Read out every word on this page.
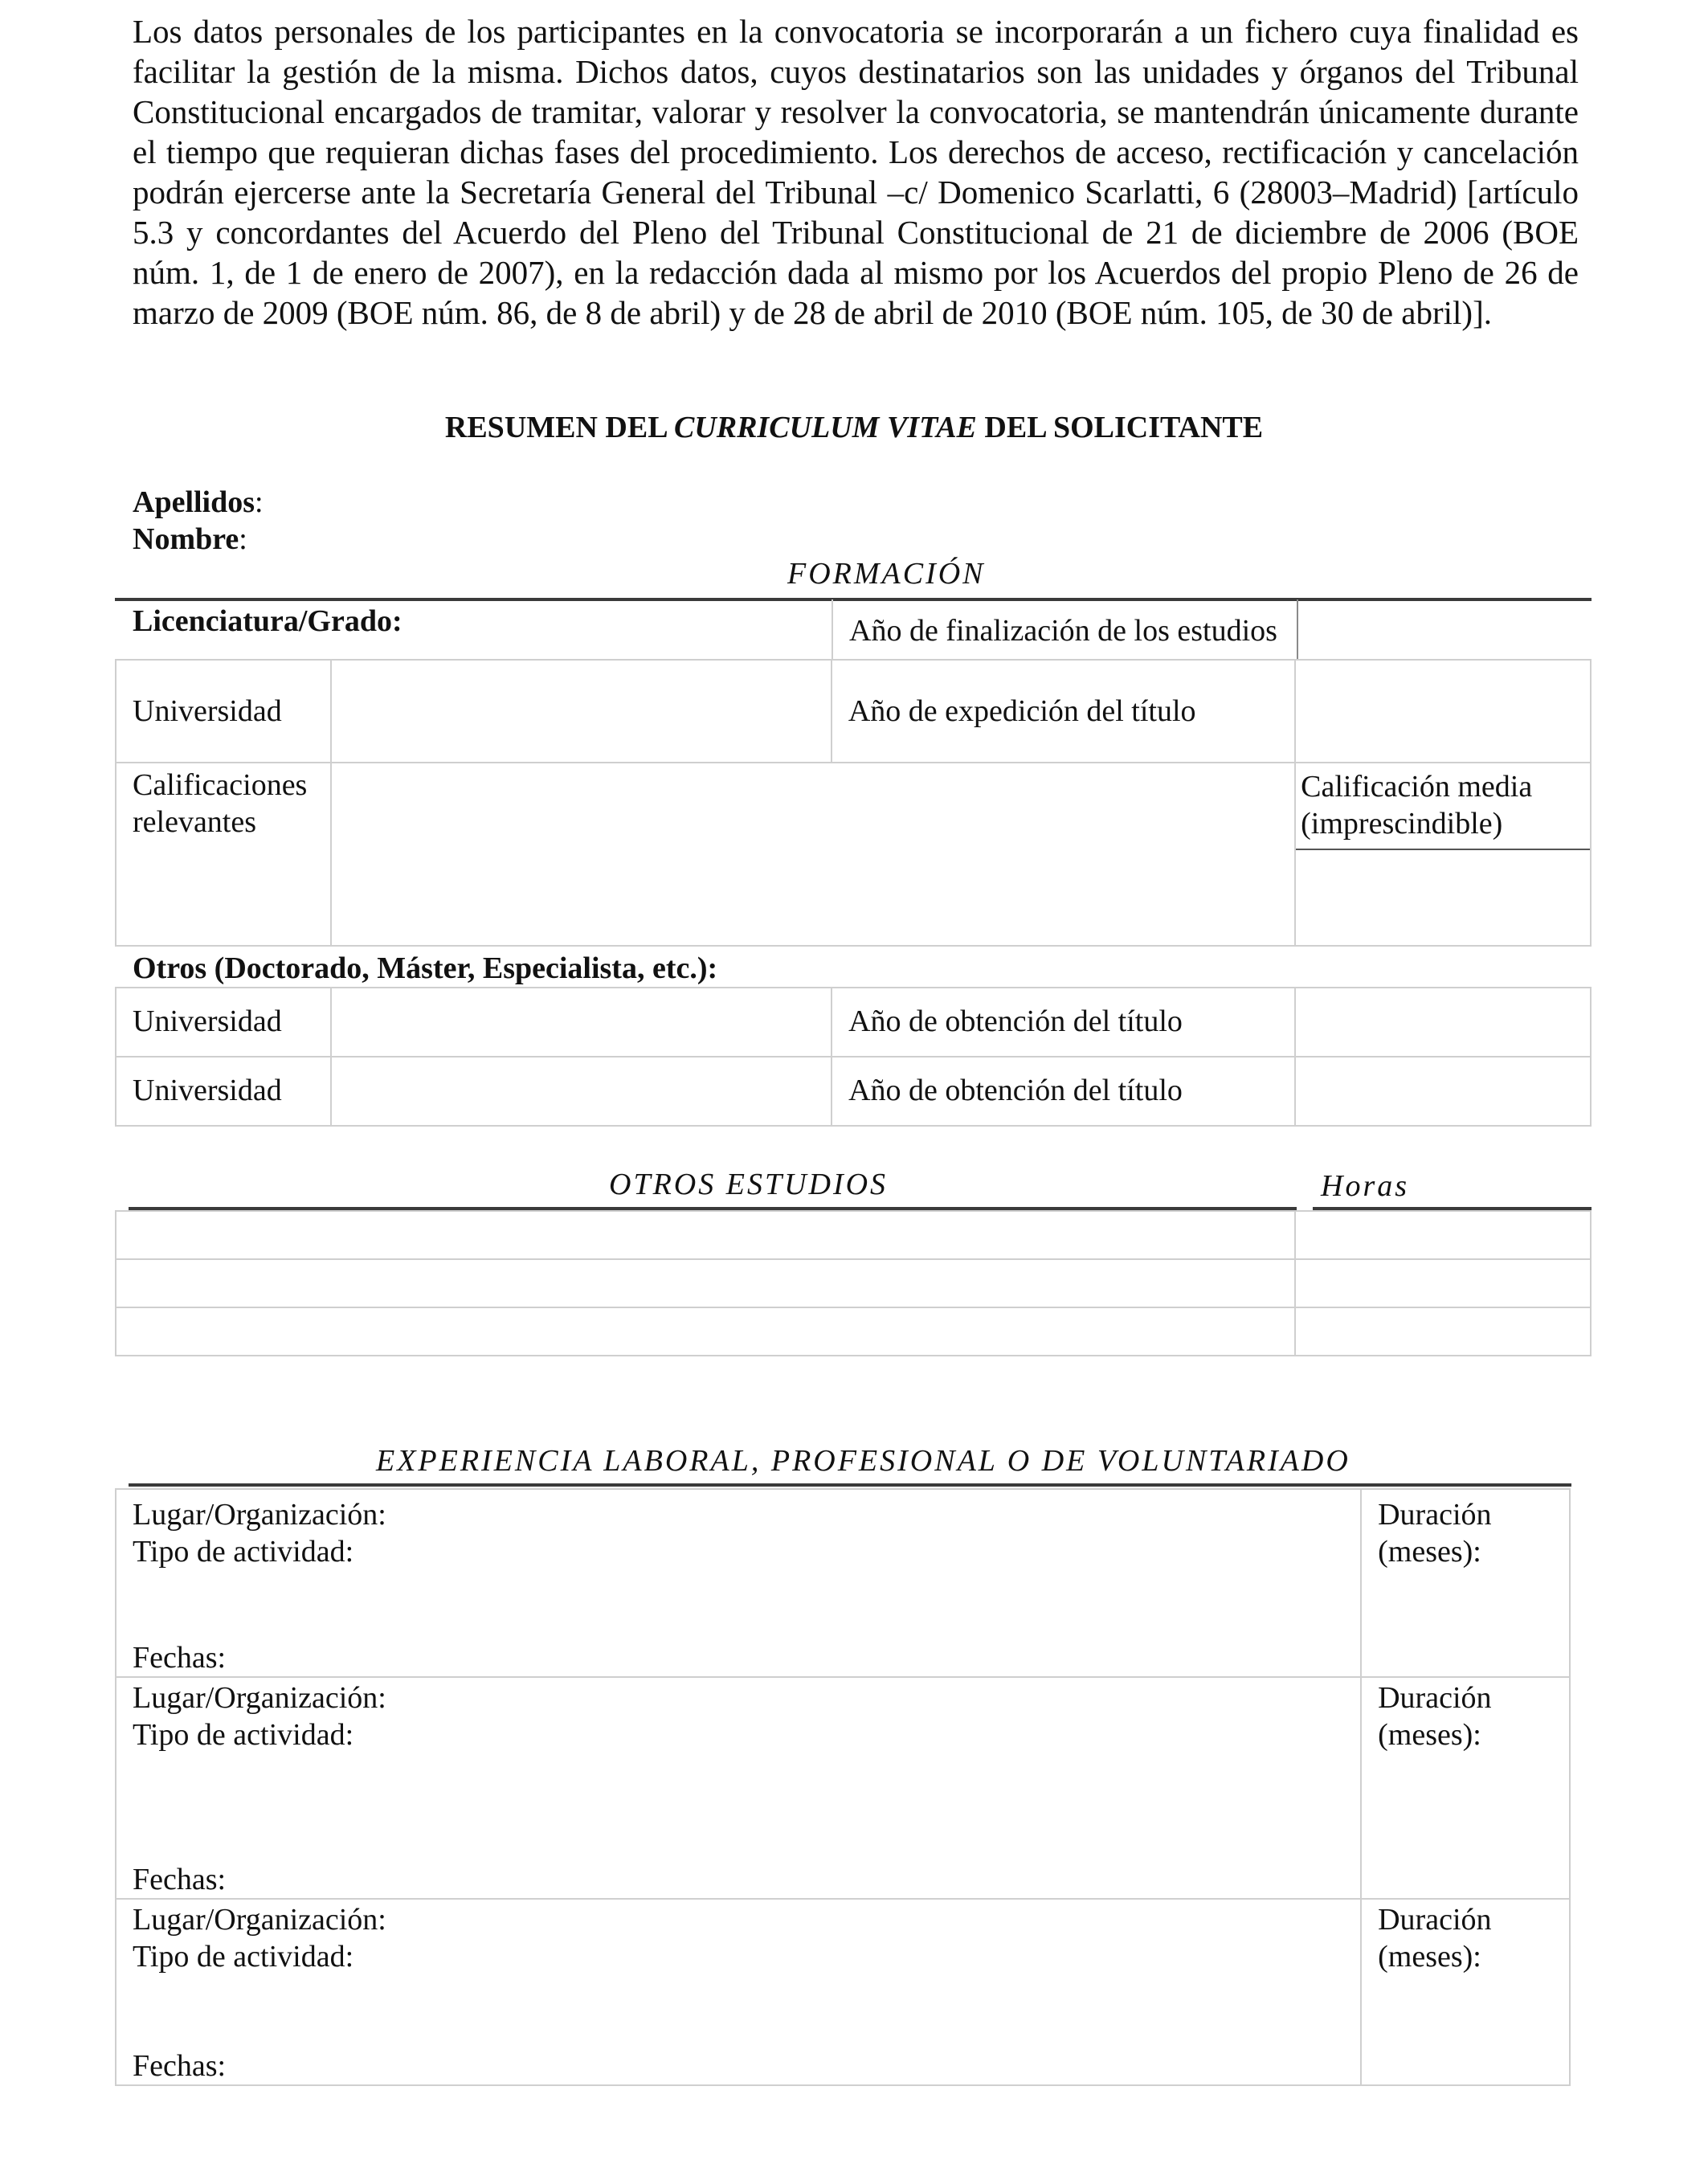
Los datos personales de los participantes en la convocatoria se incorporarán a un fichero cuya finalidad es facilitar la gestión de la misma. Dichos datos, cuyos destinatarios son las unidades y órganos del Tribunal Constitucional encargados de tramitar, valorar y resolver la convocatoria, se mantendrán únicamente durante el tiempo que requieran dichas fases del procedimiento. Los derechos de acceso, rectificación y cancelación podrán ejercerse ante la Secretaría General del Tribunal –c/ Domenico Scarlatti, 6 (28003–Madrid) [artículo 5.3 y concordantes del Acuerdo del Pleno del Tribunal Constitucional de 21 de diciembre de 2006 (BOE núm. 1, de 1 de enero de 2007), en la redacción dada al mismo por los Acuerdos del propio Pleno de 26 de marzo de 2009 (BOE núm. 86, de 8 de abril) y de 28 de abril de 2010 (BOE núm. 105, de 30 de abril)].

RESUMEN DEL CURRICULUM VITAE DEL SOLICITANTE

Apellidos:
Nombre:
FORMACIÓN
Licenciatura/Grado:	Año de finalización de los estudios
Universidad		Año de expedición del título	

Calificaciones
relevantes			Calificación media
(imprescindible)
Otros (Doctorado, Máster, Especialista, etc.):
Universidad		Año de obtención del título	
Universidad		Año de obtención del título	
OTROS ESTUDIOS	Horas

EXPERIENCIA LABORAL, PROFESIONAL O DE VOLUNTARIADO
Lugar/Organización:
Tipo de actividad:
Fechas:	Duración
(meses):

Lugar/Organización:
Tipo de actividad:
Fechas:	Duración
(meses):

Lugar/Organización:
Tipo de actividad:
Fechas:	Duración
(meses):
